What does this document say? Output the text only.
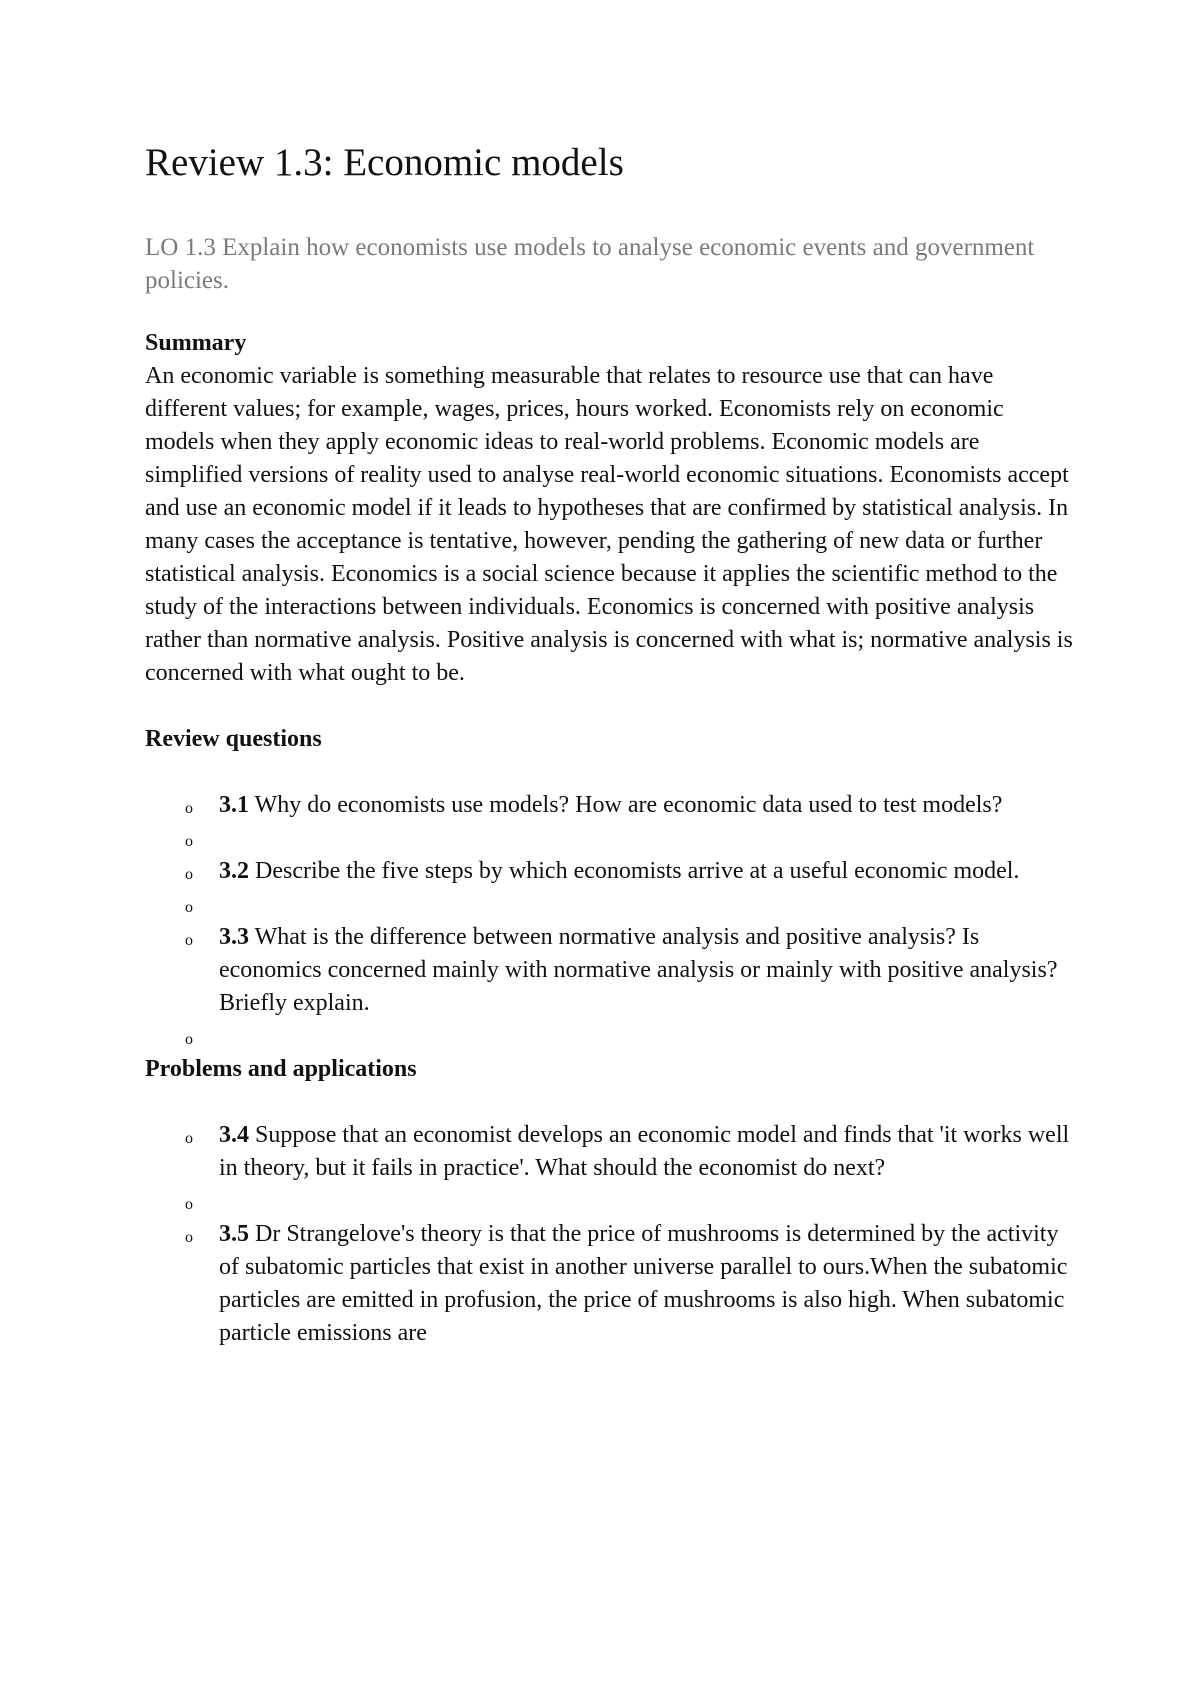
Review 1.3: Economic models

LO 1.3 Explain how economists use models to analyse economic events and government policies.

Summary

An economic variable is something measurable that relates to resource use that can have different values; for example, wages, prices, hours worked. Economists rely on economic models when they apply economic ideas to real-world problems. Economic models are simplified versions of reality used to analyse real-world economic situations. Economists accept and use an economic model if it leads to hypotheses that are confirmed by statistical analysis. In many cases the acceptance is tentative, however, pending the gathering of new data or further statistical analysis. Economics is a social science because it applies the scientific method to the study of the interactions between individuals. Economics is concerned with positive analysis rather than normative analysis. Positive analysis is concerned with what is; normative analysis is concerned with what ought to be.

Review questions

o 3.1 Why do economists use models? How are economic data used to test models?
o
o 3.2 Describe the five steps by which economists arrive at a useful economic model.
o
o 3.3 What is the difference between normative analysis and positive analysis? Is economics concerned mainly with normative analysis or mainly with positive analysis? Briefly explain.
o

Problems and applications

o 3.4 Suppose that an economist develops an economic model and finds that 'it works well in theory, but it fails in practice'. What should the economist do next?
o
o 3.5 Dr Strangelove's theory is that the price of mushrooms is determined by the activity of subatomic particles that exist in another universe parallel to ours.When the subatomic particles are emitted in profusion, the price of mushrooms is also high. When subatomic particle emissions are
